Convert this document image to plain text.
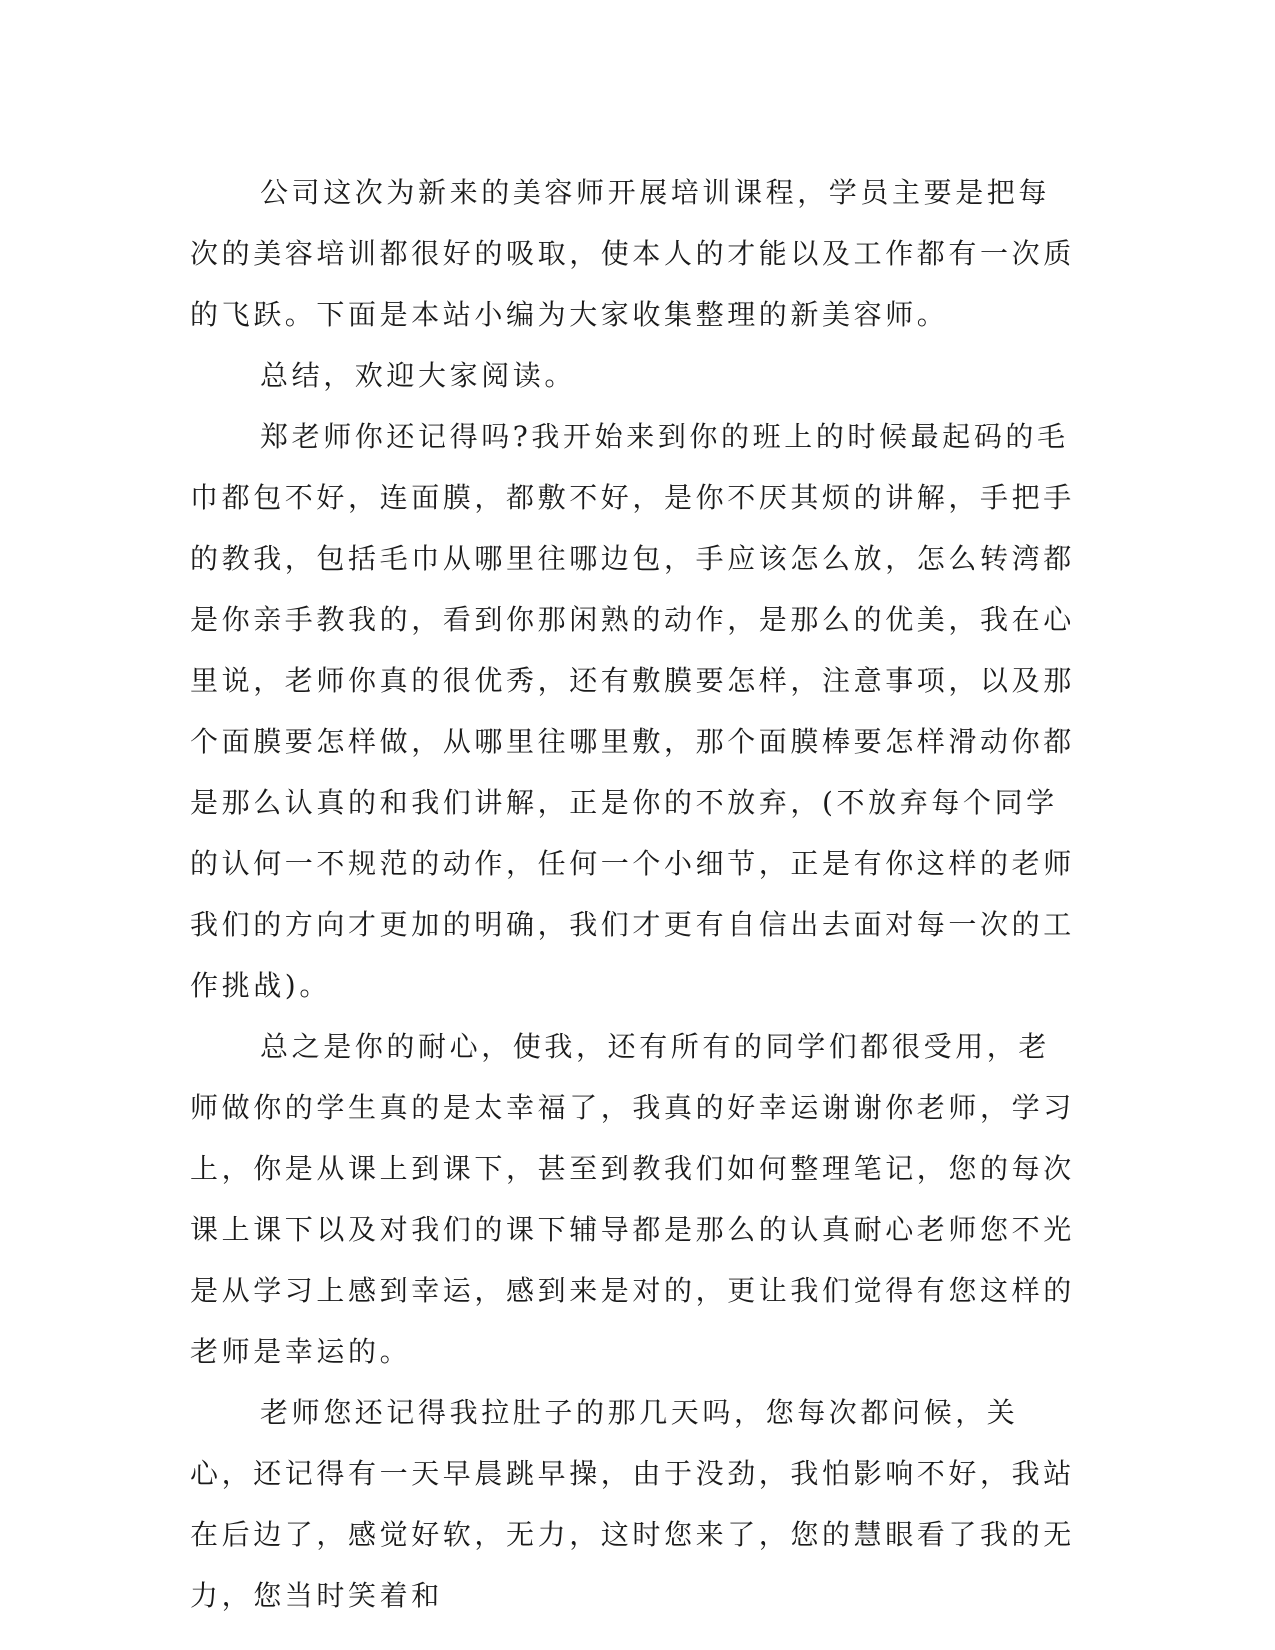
公司这次为新来的美容师开展培训课程，学员主要是把每次的美容培训都很好的吸取，使本人的才能以及工作都有一次质的飞跃。下面是本站小编为大家收集整理的新美容师。

总结，欢迎大家阅读。

郑老师你还记得吗?我开始来到你的班上的时候最起码的毛巾都包不好，连面膜，都敷不好，是你不厌其烦的讲解，手把手的教我，包括毛巾从哪里往哪边包，手应该怎么放，怎么转湾都是你亲手教我的，看到你那闲熟的动作，是那么的优美，我在心里说，老师你真的很优秀，还有敷膜要怎样，注意事项，以及那个面膜要怎样做，从哪里往哪里敷，那个面膜棒要怎样滑动你都是那么认真的和我们讲解，正是你的不放弃，(不放弃每个同学的认何一不规范的动作，任何一个小细节，正是有你这样的老师我们的方向才更加的明确，我们才更有自信出去面对每一次的工作挑战)。

总之是你的耐心，使我，还有所有的同学们都很受用，老师做你的学生真的是太幸福了，我真的好幸运谢谢你老师，学习上，你是从课上到课下，甚至到教我们如何整理笔记，您的每次课上课下以及对我们的课下辅导都是那么的认真耐心老师您不光是从学习上感到幸运，感到来是对的，更让我们觉得有您这样的老师是幸运的。

老师您还记得我拉肚子的那几天吗，您每次都问候，关心，还记得有一天早晨跳早操，由于没劲，我怕影响不好，我站在后边了，感觉好软，无力，这时您来了，您的慧眼看了我的无力，您当时笑着和
